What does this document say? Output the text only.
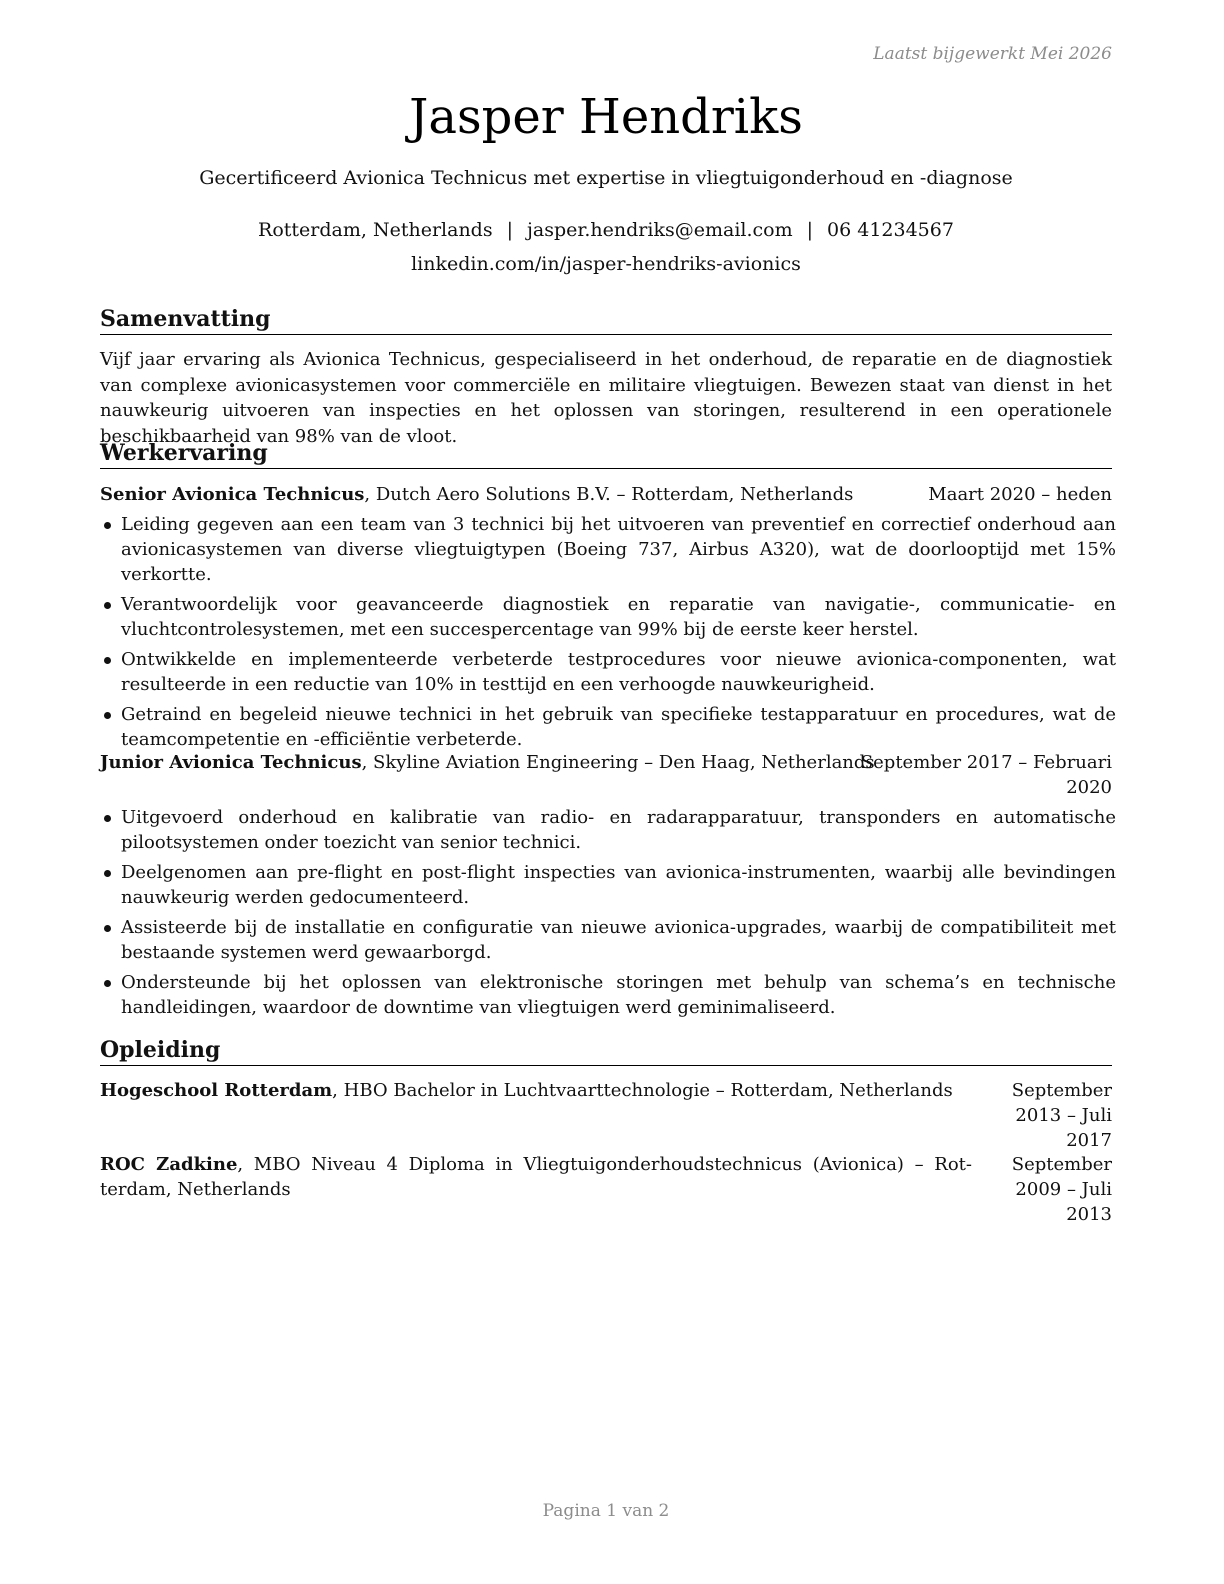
Laatst bijgewerkt Mei 2026
Jasper Hendriks
Gecertificeerd Avionica Technicus met expertise in vliegtuigonderhoud en -diagnose
Rotterdam, Netherlands | jasper.hendriks@email.com | 06 41234567
linkedin.com/in/jasper-hendriks-avionics
Samenvatting
Vijf jaar ervaring als Avionica Technicus, gespecialiseerd in het onderhoud, de reparatie en de diagnostiek van complexe avionicasystemen voor commerciële en militaire vliegtuigen. Bewezen staat van dienst in het nauwkeurig uitvoeren van inspecties en het oplossen van storingen, resulterend in een operationele beschikbaarheid van 98% van de vloot.
Werkervaring
Senior Avionica Technicus, Dutch Aero Solutions B.V. – Rotterdam, Netherlands	Maart 2020 – heden
Leiding gegeven aan een team van 3 technici bij het uitvoeren van preventief en correctief onderhoud aan avionicasystemen van diverse vliegtuigtypen (Boeing 737, Airbus A320), wat de doorlooptijd met 15% verkortte.
Verantwoordelijk voor geavanceerde diagnostiek en reparatie van navigatie-, communicatie- en vluchtcontrolesystemen, met een succespercentage van 99% bij de eerste keer herstel.
Ontwikkelde en implementeerde verbeterde testprocedures voor nieuwe avionica-componenten, wat resulteerde in een reductie van 10% in testtijd en een verhoogde nauwkeurigheid.
Getraind en begeleid nieuwe technici in het gebruik van specifieke testapparatuur en procedures, wat de teamcompetentie en -efficiëntie verbeterde.
Junior Avionica Technicus, Skyline Aviation Engineering – Den Haag, Netherlands
September 2017 – Februari
2020
Uitgevoerd onderhoud en kalibratie van radio- en radarapparatuur, transponders en automatische pilootsystemen onder toezicht van senior technici.
Deelgenomen aan pre-flight en post-flight inspecties van avionica-instrumenten, waarbij alle bevindingen nauwkeurig werden gedocumenteerd.
Assisteerde bij de installatie en configuratie van nieuwe avionica-upgrades, waarbij de compatibiliteit met bestaande systemen werd gewaarborgd.
Ondersteunde bij het oplossen van elektronische storingen met behulp van schema’s en technische handleidingen, waardoor de downtime van vliegtuigen werd geminimaliseerd.
Opleiding
Hogeschool Rotterdam, HBO Bachelor in Luchtvaarttechnologie – Rotterdam, Netherlands	September 2013 – Juli
2017
ROC Zadkine, MBO Niveau 4 Diploma in Vliegtuigonderhoudstechnicus (Avionica) – Rotterdam, Netherlands
September 2009 – Juli
2013
Pagina 1 van 2
